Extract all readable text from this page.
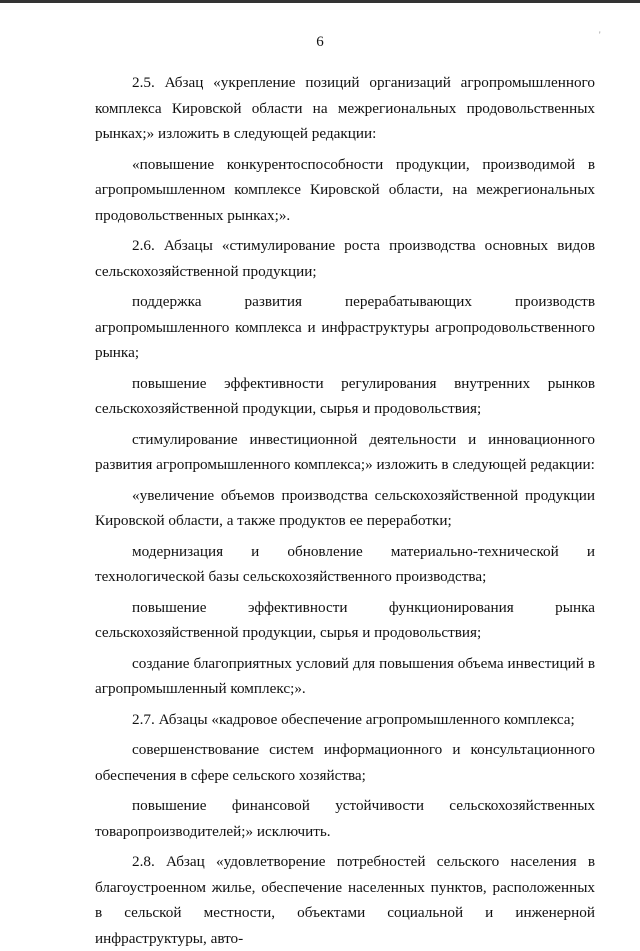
6	'

2.5. Абзац «укрепление позиций организаций агропромышленного комплекса Кировской области на межрегиональных продовольственных рынках;» изложить в следующей редакции:

«повышение конкурентоспособности продукции, производимой в агропромышленном комплексе Кировской области, на межрегиональных продовольственных рынках;».

2.6. Абзацы «стимулирование роста производства основных видов сельскохозяйственной продукции;

поддержка развития перерабатывающих производств агропромышленного комплекса и инфраструктуры агропродовольственного рынка;

повышение эффективности регулирования внутренних рынков сельскохозяйственной продукции, сырья и продовольствия;

стимулирование инвестиционной деятельности и инновационного развития агропромышленного комплекса;» изложить в следующей редакции:

«увеличение объемов производства сельскохозяйственной продукции Кировской области, а также продуктов ее переработки;

модернизация и обновление материально-технической и технологической базы сельскохозяйственного производства;

повышение эффективности функционирования рынка сельскохозяйственной продукции, сырья и продовольствия;

создание благоприятных условий для повышения объема инвестиций в агропромышленный комплекс;».

2.7. Абзацы «кадровое обеспечение агропромышленного комплекса;

совершенствование систем информационного и консультационного обеспечения в сфере сельского хозяйства;

повышение финансовой устойчивости сельскохозяйственных товаропроизводителей;» исключить.

2.8. Абзац «удовлетворение потребностей сельского населения в благоустроенном жилье, обеспечение населенных пунктов, расположенных в сельской местности, объектами социальной и инженерной инфраструктуры, авто-
